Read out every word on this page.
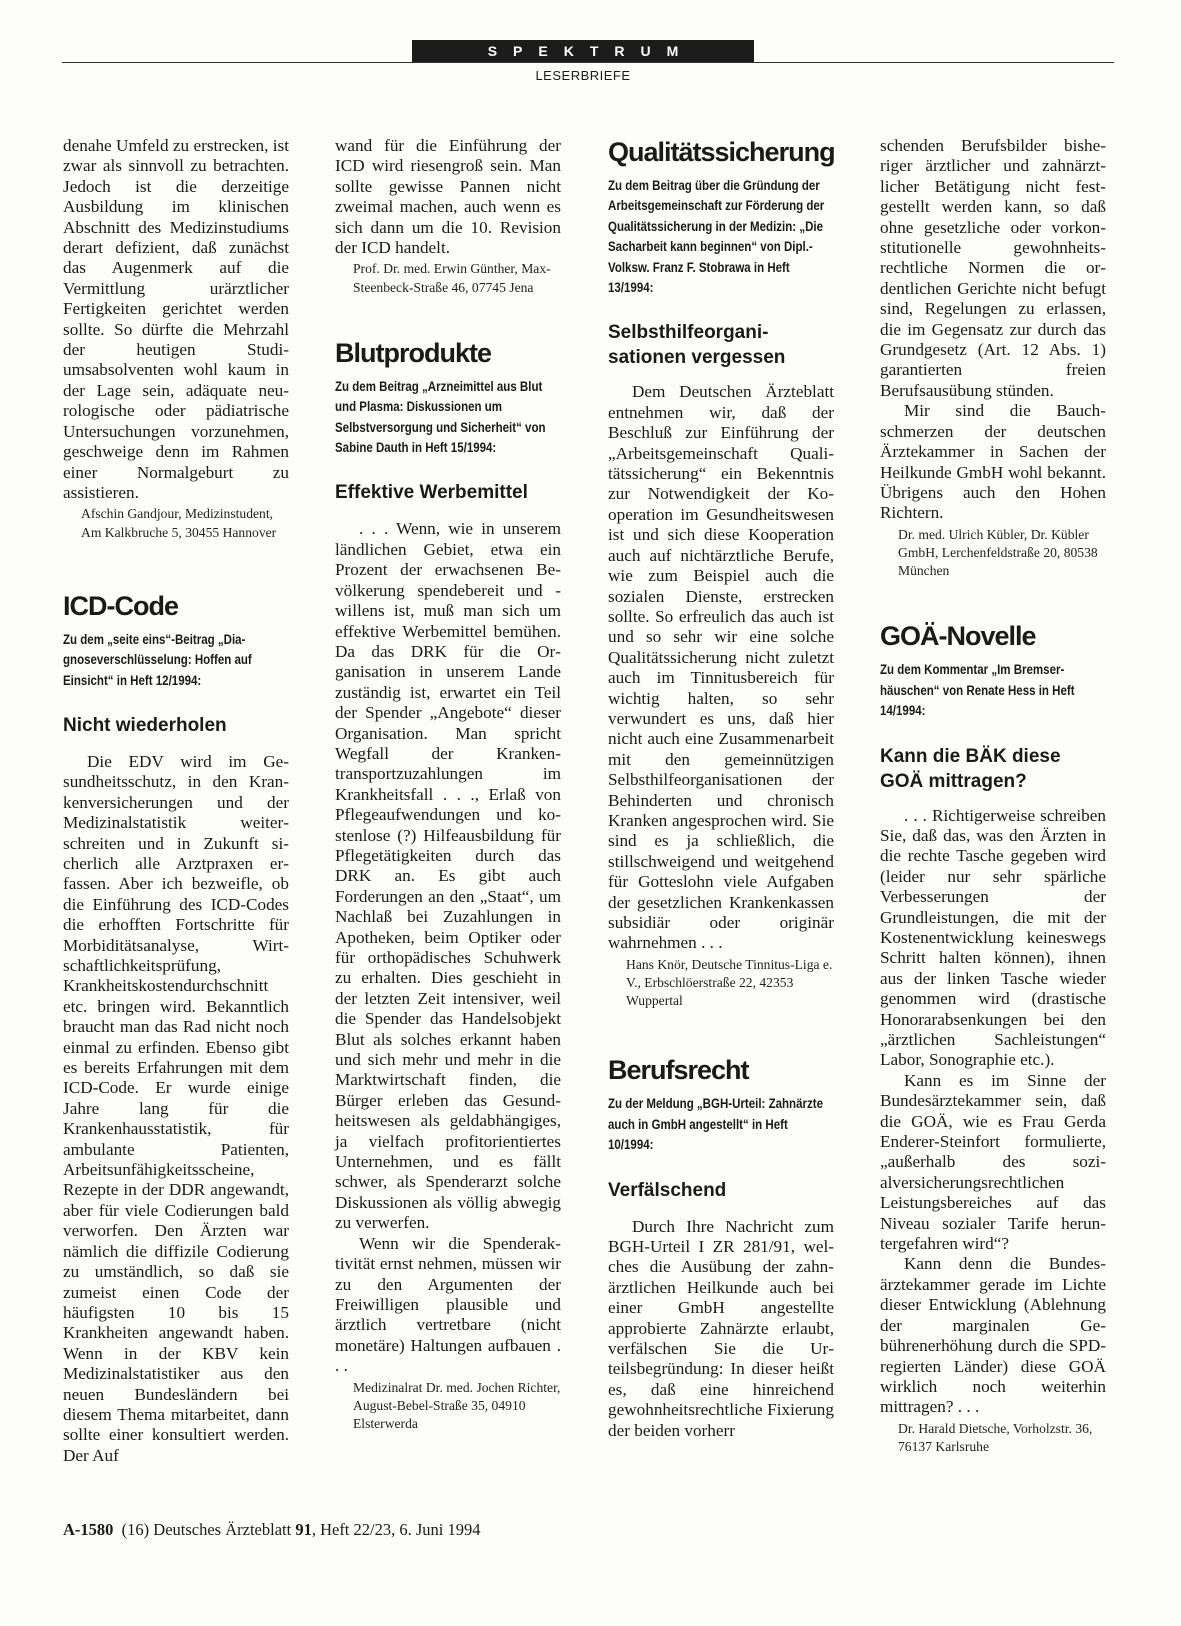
SPEKTRUM
LESERBRIEFE

denahe Umfeld zu erstrecken, ist zwar als sinnvoll zu betrachten. Jedoch ist die derzeitige Ausbildung im klinischen Abschnitt des Medizinstudiums derart defizient, daß zunächst das Augenmerk auf die Vermittlung urärztlicher Fertigkeiten gerichtet werden sollte. So dürfte die Mehrzahl der heutigen Studiumsabsolventen wohl kaum in der Lage sein, adäquate neurologische oder pädiatrische Untersuchungen vorzunehmen, geschweige denn im Rahmen einer Normalgeburt zu assistieren.

Afschin Gandjour, Medizinstudent, Am Kalkbruche 5, 30455 Hannover

ICD-Code

Zu dem „seite eins“-Beitrag „Diagnoseverschlüsselung: Hoffen auf Einsicht“ in Heft 12/1994:

Nicht wiederholen

Die EDV wird im Gesundheitsschutz, in den Krankenversicherungen und der Medizinalstatistik weiterschreiten und in Zukunft sicherlich alle Arztpraxen erfassen. Aber ich bezweifle, ob die Einführung des ICD-Codes die erhofften Fortschritte für Morbiditätsanalyse, Wirtschaftlichkeitsprüfung, Krankheitskostendurchschnitt etc. bringen wird. Bekanntlich braucht man das Rad nicht noch einmal zu erfinden. Ebenso gibt es bereits Erfahrungen mit dem ICD-Code. Er wurde einige Jahre lang für die Krankenhausstatistik, für ambulante Patienten, Arbeitsunfähigkeitsscheine, Rezepte in der DDR angewandt, aber für viele Codierungen bald verworfen. Den Ärzten war nämlich die diffizile Codierung zu umständlich, so daß sie zumeist einen Code der häufigsten 10 bis 15 Krankheiten angewandt haben. Wenn in der KBV kein Medizinalstatistiker aus den neuen Bundesländern bei diesem Thema mitarbeitet, dann sollte einer konsultiert werden. Der Auf

wand für die Einführung der ICD wird riesengroß sein. Man sollte gewisse Pannen nicht zweimal machen, auch wenn es sich dann um die 10. Revision der ICD handelt.

Prof. Dr. med. Erwin Günther, Max-Steenbeck-Straße 46, 07745 Jena

Blutprodukte

Zu dem Beitrag „Arzneimittel aus Blut und Plasma: Diskussionen um Selbstversorgung und Sicherheit“ von Sabine Dauth in Heft 15/1994:

Effektive Werbemittel

. . . Wenn, wie in unserem ländlichen Gebiet, etwa ein Prozent der erwachsenen Bevölkerung spendebereit und -willens ist, muß man sich um effektive Werbemittel bemühen. Da das DRK für die Organisation in unserem Lande zuständig ist, erwartet ein Teil der Spender „Angebote“ dieser Organisation. Man spricht Wegfall der Krankentransportzuzahlungen im Krankheitsfall . . ., Erlaß von Pflegeaufwendungen und kostenlose (?) Hilfeausbildung für Pflegetätigkeiten durch das DRK an. Es gibt auch Forderungen an den „Staat“, um Nachlaß bei Zuzahlungen in Apotheken, beim Optiker oder für orthopädisches Schuhwerk zu erhalten. Dies geschieht in der letzten Zeit intensiver, weil die Spender das Handelsobjekt Blut als solches erkannt haben und sich mehr und mehr in die Marktwirtschaft finden, die Bürger erleben das Gesundheitswesen als geldabhängiges, ja vielfach profitorientiertes Unternehmen, und es fällt schwer, als Spenderarzt solche Diskussionen als völlig abwegig zu verwerfen.

Wenn wir die Spenderaktivität ernst nehmen, müssen wir zu den Argumenten der Freiwilligen plausible und ärztlich vertretbare (nicht monetäre) Haltungen aufbauen . . .

Medizinalrat Dr. med. Jochen Richter, August-Bebel-Straße 35, 04910 Elsterwerda

Qualitätssicherung

Zu dem Beitrag über die Gründung der Arbeitsgemeinschaft zur Förderung der Qualitätssicherung in der Medizin: „Die Sacharbeit kann beginnen“ von Dipl.-Volksw. Franz F. Stobrawa in Heft 13/1994:

Selbsthilfeorganisationen vergessen

Dem Deutschen Ärzteblatt entnehmen wir, daß der Beschluß zur Einführung der „Arbeitsgemeinschaft Qualitätssicherung“ ein Bekenntnis zur Notwendigkeit der Kooperation im Gesundheitswesen ist und sich diese Kooperation auch auf nichtärztliche Berufe, wie zum Beispiel auch die sozialen Dienste, erstrecken sollte. So erfreulich das auch ist und so sehr wir eine solche Qualitätssicherung nicht zuletzt auch im Tinnitusbereich für wichtig halten, so sehr verwundert es uns, daß hier nicht auch eine Zusammenarbeit mit den gemeinnützigen Selbsthilfeorganisationen der Behinderten und chronisch Kranken angesprochen wird. Sie sind es ja schließlich, die stillschweigend und weitgehend für Gotteslohn viele Aufgaben der gesetzlichen Krankenkassen subsidiär oder originär wahrnehmen . . .

Hans Knör, Deutsche Tinnitus-Liga e. V., Erbschlöerstraße 22, 42353 Wuppertal

Berufsrecht

Zu der Meldung „BGH-Urteil: Zahnärzte auch in GmbH angestellt“ in Heft 10/1994:

Verfälschend

Durch Ihre Nachricht zum BGH-Urteil I ZR 281/91, welches die Ausübung der zahnärztlichen Heilkunde auch bei einer GmbH angestellte approbierte Zahnärzte erlaubt, verfälschen Sie die Urteilsbegründung: In dieser heißt es, daß eine hinreichend gewohnheitsrechtliche Fixierung der beiden vorherr

schenden Berufsbilder bisheriger ärztlicher und zahnärztlicher Betätigung nicht festgestellt werden kann, so daß ohne gesetzliche oder vorkonstitutionelle gewohnheitsrechtliche Normen die ordentlichen Gerichte nicht befugt sind, Regelungen zu erlassen, die im Gegensatz zur durch das Grundgesetz (Art. 12 Abs. 1) garantierten freien Berufsausübung stünden.

Mir sind die Bauchschmerzen der deutschen Ärztekammer in Sachen der Heilkunde GmbH wohl bekannt. Übrigens auch den Hohen Richtern.

Dr. med. Ulrich Kübler, Dr. Kübler GmbH, Lerchenfeldstraße 20, 80538 München

GOÄ-Novelle

Zu dem Kommentar „Im Bremserhäuschen“ von Renate Hess in Heft 14/1994:

Kann die BÄK diese GOÄ mittragen?

. . . Richtigerweise schreiben Sie, daß das, was den Ärzten in die rechte Tasche gegeben wird (leider nur sehr spärliche Verbesserungen der Grundleistungen, die mit der Kostenentwicklung keineswegs Schritt halten können), ihnen aus der linken Tasche wieder genommen wird (drastische Honorarabsenkungen bei den „ärztlichen Sachleistungen“ Labor, Sonographie etc.).

Kann es im Sinne der Bundesärztekammer sein, daß die GOÄ, wie es Frau Gerda Enderer-Steinfort formulierte, „außerhalb des sozialversicherungsrechtlichen Leistungsbereiches auf das Niveau sozialer Tarife heruntergefahren wird“?

Kann denn die Bundesärztekammer gerade im Lichte dieser Entwicklung (Ablehnung der marginalen Gebührenerhöhung durch die SPD-regierten Länder) diese GOÄ wirklich noch weiterhin mittragen? . . .

Dr. Harald Dietsche, Vorholzstr. 36, 76137 Karlsruhe

A-1580 (16) Deutsches Ärzteblatt 91, Heft 22/23, 6. Juni 1994
